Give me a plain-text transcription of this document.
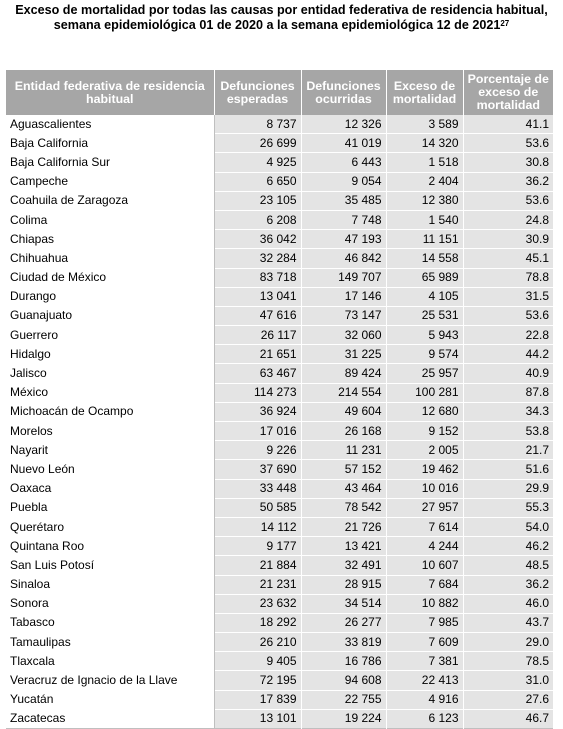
Exceso de mortalidad por todas las causas por entidad federativa de residencia habitual, semana epidemiológica 01 de 2020 a la semana epidemiológica 12 de 2021$^{27}$
Entidad federativa de residencia habitual	Defunciones esperadas	Defunciones ocurridas	Exceso de mortalidad	Porcentaje de exceso de mortalidad
Aguascalientes	8 737	12 326	3 589	41.1
Baja California	26 699	41 019	14 320	53.6
Baja California Sur	4 925	6 443	1 518	30.8
Campeche	6 650	9 054	2 404	36.2
Coahuila de Zaragoza	23 105	35 485	12 380	53.6
Colima	6 208	7 748	1 540	24.8
Chiapas	36 042	47 193	11 151	30.9
Chihuahua	32 284	46 842	14 558	45.1
Ciudad de México	83 718	149 707	65 989	78.8
Durango	13 041	17 146	4 105	31.5
Guanajuato	47 616	73 147	25 531	53.6
Guerrero	26 117	32 060	5 943	22.8
Hidalgo	21 651	31 225	9 574	44.2
Jalisco	63 467	89 424	25 957	40.9
México	114 273	214 554	100 281	87.8
Michoacán de Ocampo	36 924	49 604	12 680	34.3
Morelos	17 016	26 168	9 152	53.8
Nayarit	9 226	11 231	2 005	21.7
Nuevo León	37 690	57 152	19 462	51.6
Oaxaca	33 448	43 464	10 016	29.9
Puebla	50 585	78 542	27 957	55.3
Querétaro	14 112	21 726	7 614	54.0
Quintana Roo	9 177	13 421	4 244	46.2
San Luis Potosí	21 884	32 491	10 607	48.5
Sinaloa	21 231	28 915	7 684	36.2
Sonora	23 632	34 514	10 882	46.0
Tabasco	18 292	26 277	7 985	43.7
Tamaulipas	26 210	33 819	7 609	29.0
Tlaxcala	9 405	16 786	7 381	78.5
Veracruz de Ignacio de la Llave	72 195	94 608	22 413	31.0
Yucatán	17 839	22 755	4 916	27.6
Zacatecas	13 101	19 224	6 123	46.7
